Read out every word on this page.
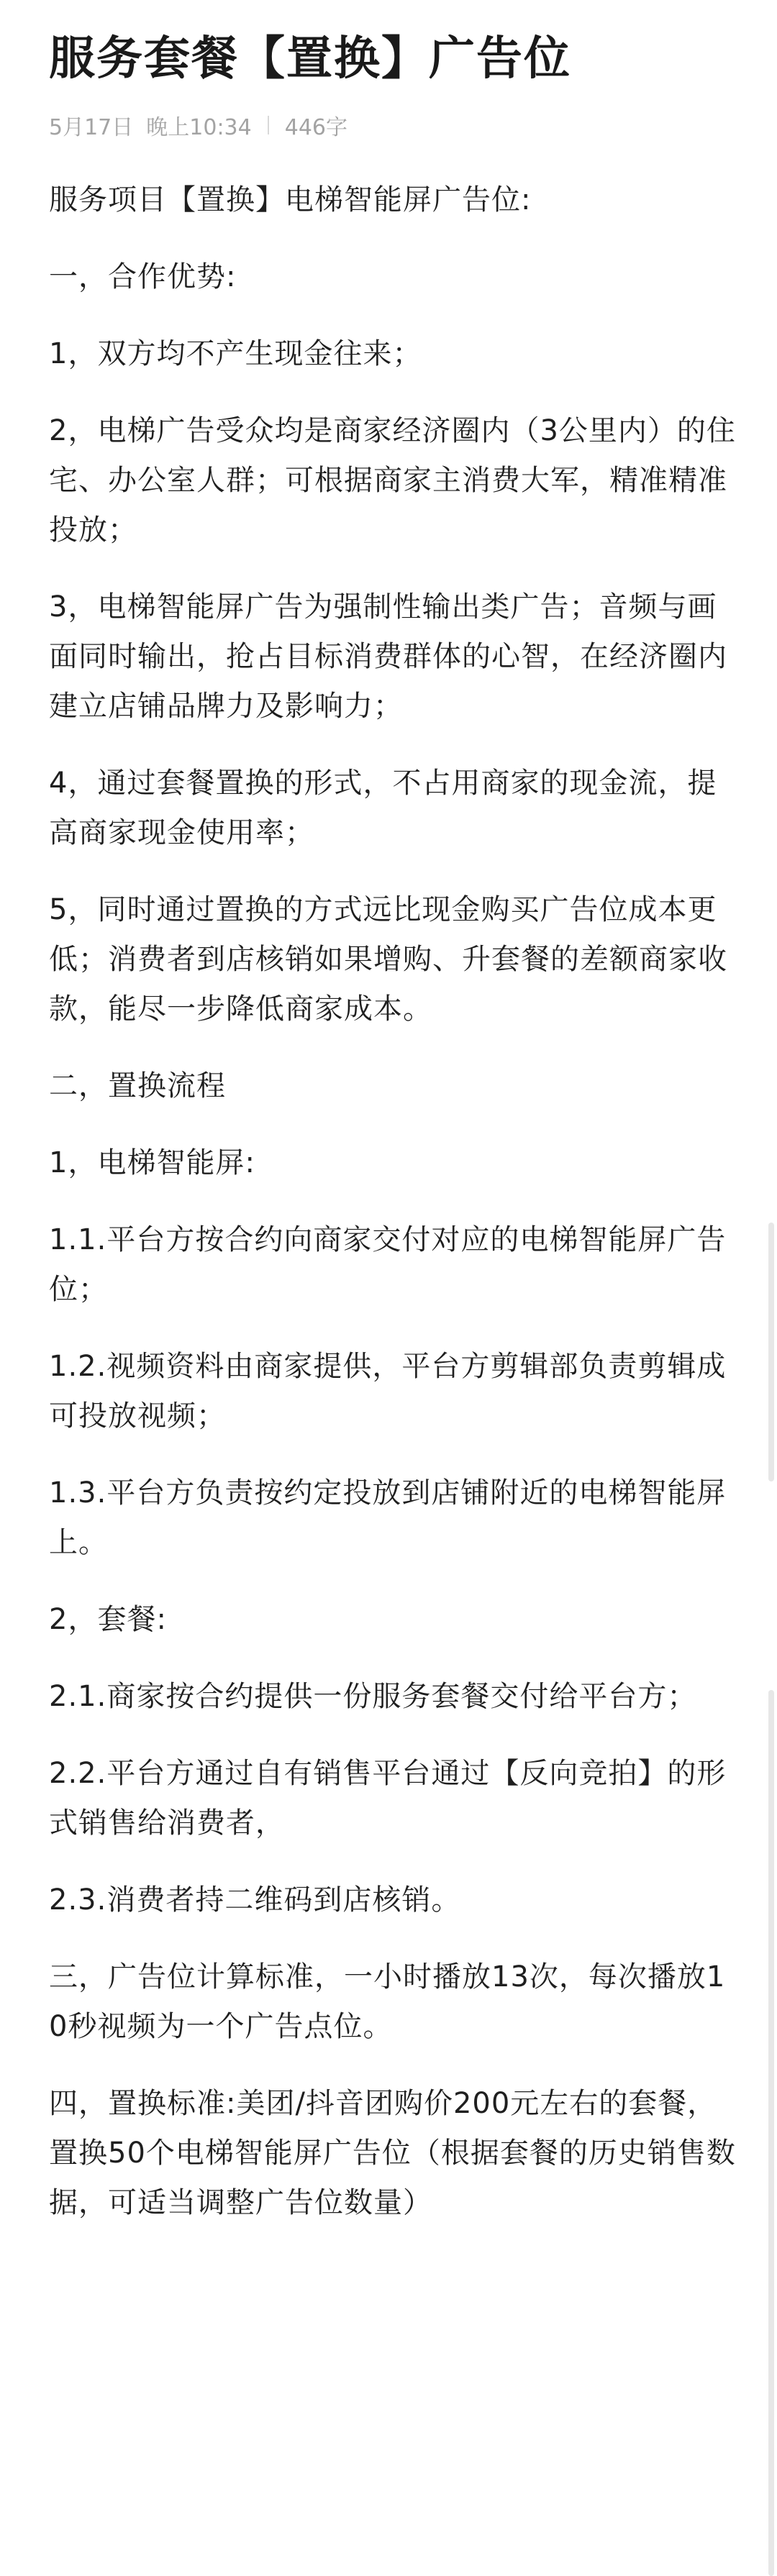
服务套餐【置换】广告位
5月17日 晚上10:34 446字

服务项目【置换】电梯智能屏广告位:

一，合作优势:

1，双方均不产生现金往来；

2，电梯广告受众均是商家经济圈内（3公里内）的住宅、办公室人群；可根据商家主消费大军，精准精准投放；

3，电梯智能屏广告为强制性输出类广告；音频与画面同时输出，抢占目标消费群体的心智，在经济圈内建立店铺品牌力及影响力；

4，通过套餐置换的形式，不占用商家的现金流，提高商家现金使用率；

5，同时通过置换的方式远比现金购买广告位成本更低；消费者到店核销如果增购、升套餐的差额商家收款，能尽一步降低商家成本。

二，置换流程

1，电梯智能屏:

1.1.平台方按合约向商家交付对应的电梯智能屏广告位；

1.2.视频资料由商家提供，平台方剪辑部负责剪辑成可投放视频；

1.3.平台方负责按约定投放到店铺附近的电梯智能屏上。

2，套餐:

2.1.商家按合约提供一份服务套餐交付给平台方；

2.2.平台方通过自有销售平台通过【反向竞拍】的形式销售给消费者，

2.3.消费者持二维码到店核销。

三，广告位计算标准，一小时播放13次，每次播放10秒视频为一个广告点位。

四，置换标准:美团/抖音团购价200元左右的套餐，置换50个电梯智能屏广告位（根据套餐的历史销售数据，可适当调整广告位数量）
